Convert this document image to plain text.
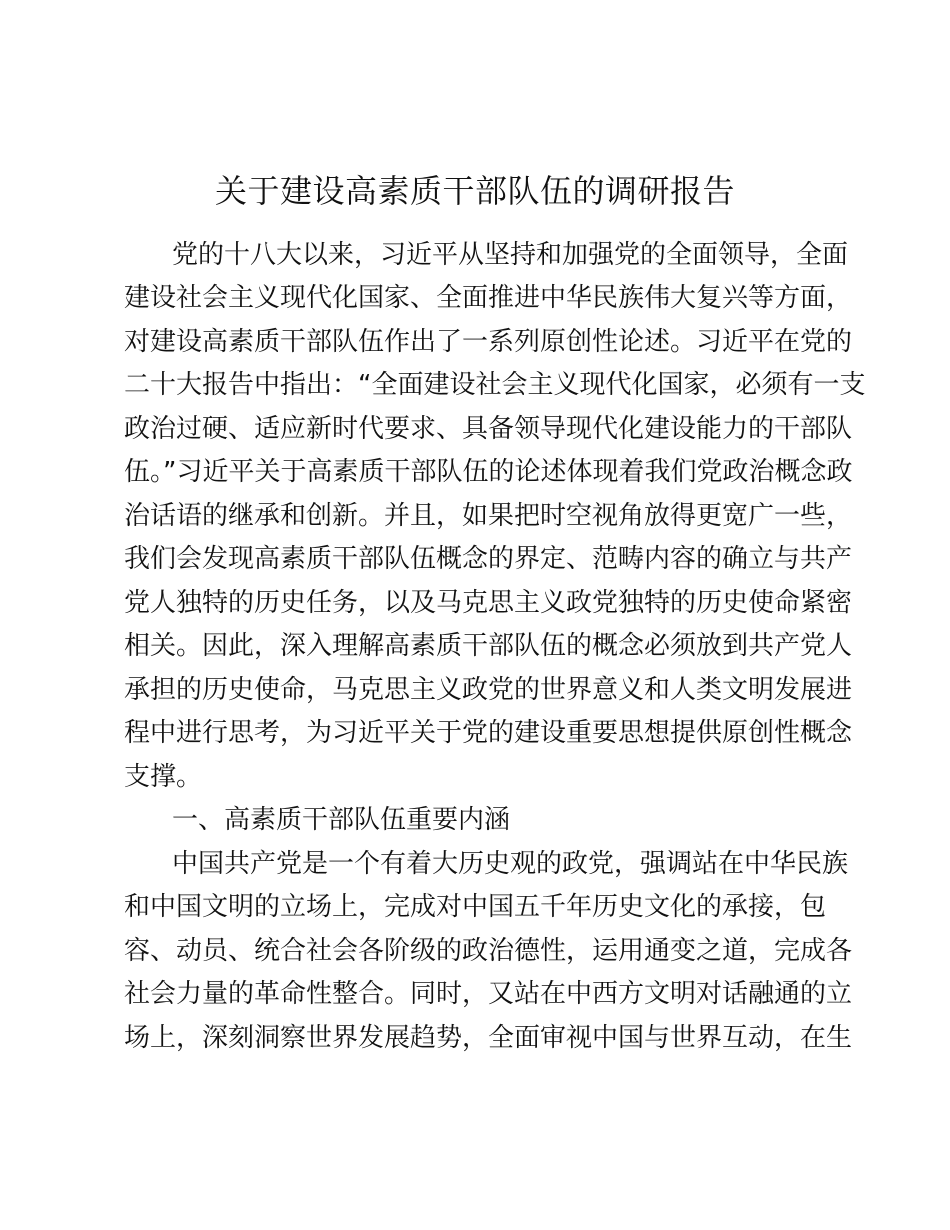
关于建设高素质干部队伍的调研报告

党的十八大以来，习近平从坚持和加强党的全面领导，全面

建设社会主义现代化国家、全面推进中华民族伟大复兴等方面，

对建设高素质干部队伍作出了一系列原创性论述。习近平在党的

二十大报告中指出：“全面建设社会主义现代化国家，必须有一支

政治过硬、适应新时代要求、具备领导现代化建设能力的干部队

伍。”习近平关于高素质干部队伍的论述体现着我们党政治概念政

治话语的继承和创新。并且，如果把时空视角放得更宽广一些，

我们会发现高素质干部队伍概念的界定、范畴内容的确立与共产

党人独特的历史任务，以及马克思主义政党独特的历史使命紧密

相关。因此，深入理解高素质干部队伍的概念必须放到共产党人

承担的历史使命，马克思主义政党的世界意义和人类文明发展进

程中进行思考，为习近平关于党的建设重要思想提供原创性概念

支撑。

一、高素质干部队伍重要内涵

中国共产党是一个有着大历史观的政党，强调站在中华民族

和中国文明的立场上，完成对中国五千年历史文化的承接，包

容、动员、统合社会各阶级的政治德性，运用通变之道，完成各

社会力量的革命性整合。同时，又站在中西方文明对话融通的立

场上，深刻洞察世界发展趋势，全面审视中国与世界互动，在生
